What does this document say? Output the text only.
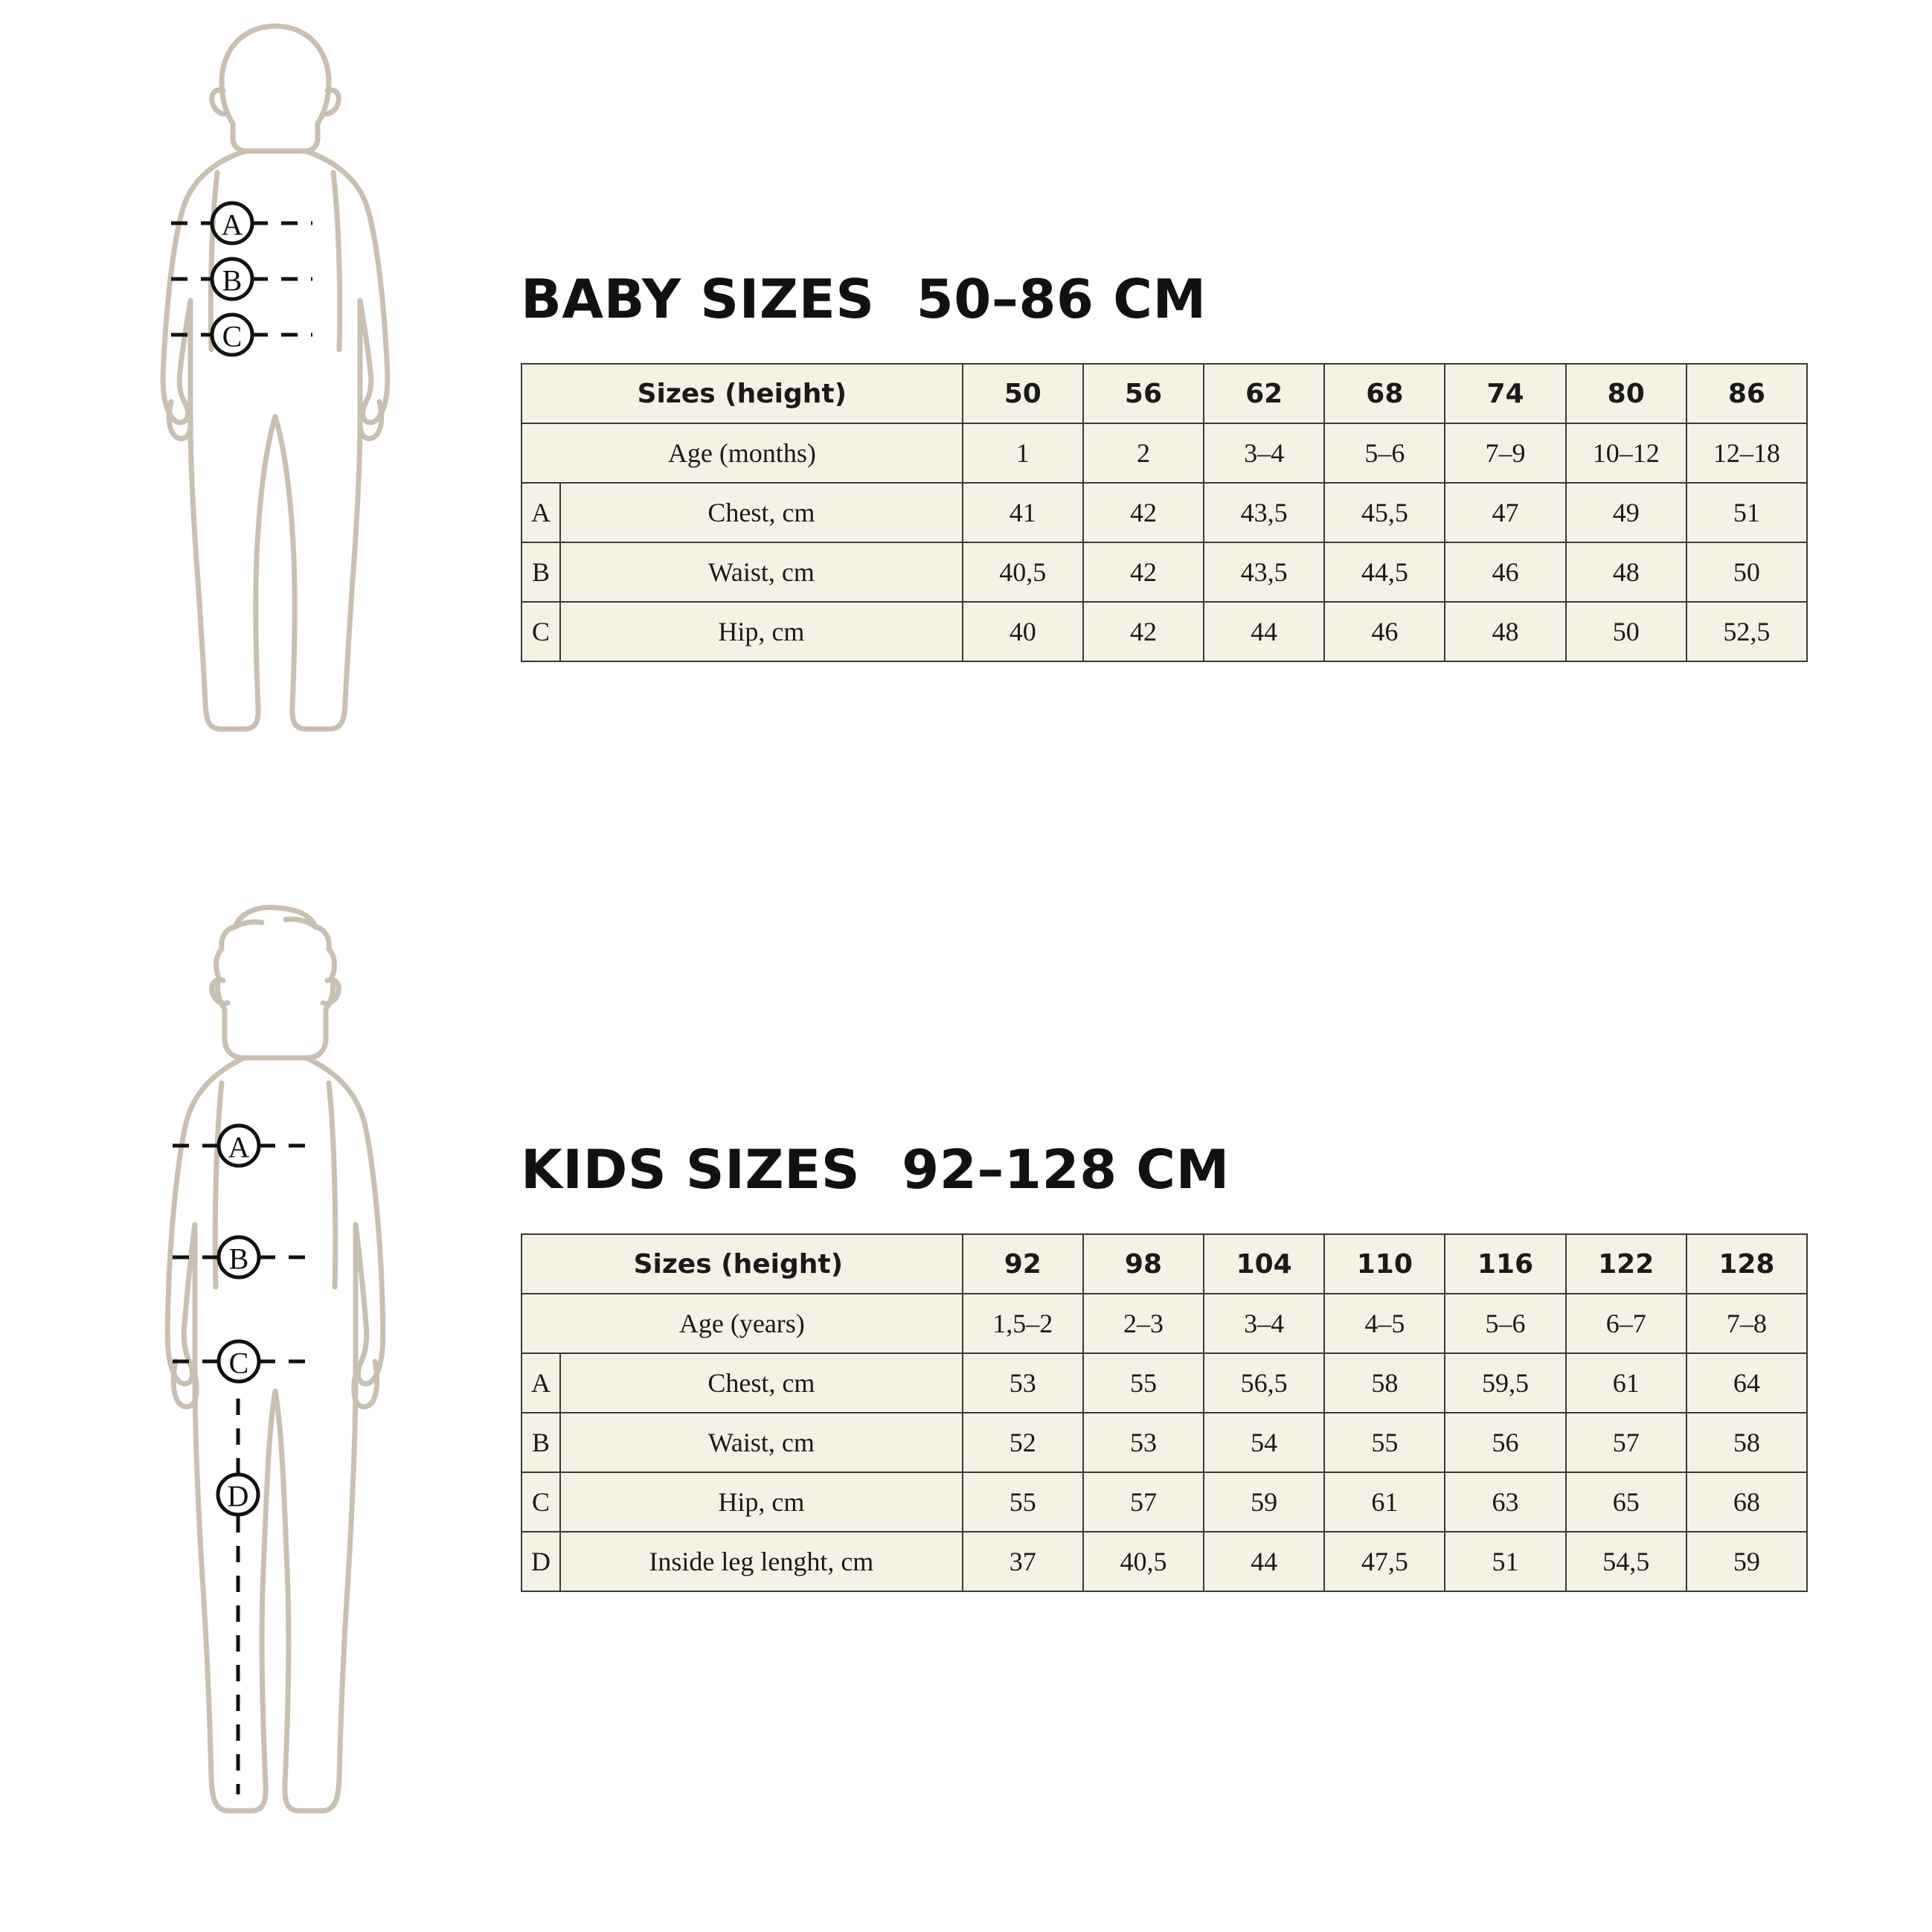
A
B
C
BABY SIZES 50–86 CM
Sizes (height)		50	56	62	68	74	80	86
Age (months)		1	2	3–4	5–6	7–9	10–12	12–18
A	Chest, cm	41	42	43,5	45,5	47	49	51
B	Waist, cm	40,5	42	43,5	44,5	46	48	50
C	Hip, cm	40	42	44	46	48	50	52,5
A
B
C
D
KIDS SIZES 92–128 CM
Sizes (height)		92	98	104	110	116	122	128
Age (years)		1,5–2	2–3	3–4	4–5	5–6	6–7	7–8
A	Chest, cm	53	55	56,5	58	59,5	61	64
B	Waist, cm	52	53	54	55	56	57	58
C	Hip, cm	55	57	59	61	63	65	68
D	Inside leg lenght, cm	37	40,5	44	47,5	51	54,5	59
